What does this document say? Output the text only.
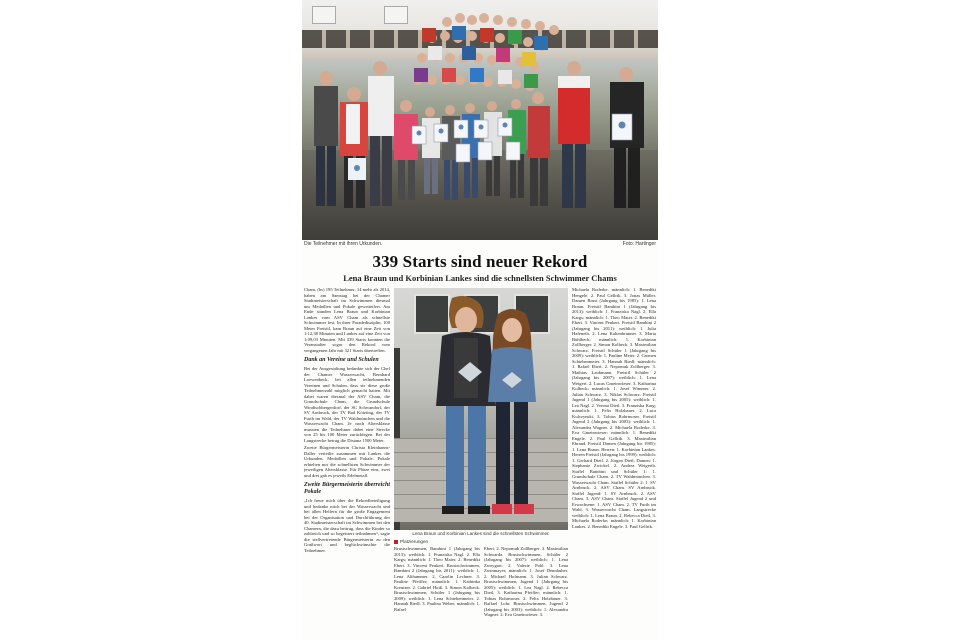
Die Teilnehmer mit ihren Urkunden.	Foto: Hartinger
339 Starts sind neuer Rekord
Lena Braun und Korbinian Lankes sind die schnellsten Schwimmer Chams

Cham. (bs) 195 Teilnehmer, 14 mehr als 2014, haben am Samstag bei der Chamer Stadtmeisterschaft im Schwimmen diesmal um Medaillen und Pokale gewetteifert. Am Ende standen Lena Braun und Korbinian Lankes vom ASV Cham als schnellste Schwimmer fest. In ihrer Paradedisziplin, 100 Meter Freistil, kam Braun auf eine Zeit von 1:12,38 Minuten und Lankes auf eine Zeit von 1:09,03 Minuten. Mit 339 Starts konnten die Veranstalter sogar den Rekord vom vergangenen Jahr mit 321 Starts übertreffen.

Dank an Vereine und Schulen

Bei der Ausgestaltung bedankte sich der Chef der Chamer Wasserwacht, Bernhard Loewenbeck, bei allen teilnehmenden Vereinen und Schulen, dass sie diese große Teilnehmerzahl möglich gemacht hatten. Mit dabei waren diesmal der ASV Cham, die Grundschule Cham, die Grundschule Windischbergerdorf, der SC Schwandorf, der SV Arnbruck, der TV Bad Kötzting, der TV Furth im Wald, der TV Waldmünchen und die Wasserwacht Cham. Je nach Altersklasse mussten die Teilnehmer dabei eine Strecke von 25 bis 100 Meter zurücklegen. Bei der Langstrecke betrug die Distanz 1500 Meter.

Zweite Bürgermeisterin Christa Kleinhanns-Daller verteilte zusammen mit Lankes die Urkunden, Medaillen und Pokale. Pokale erhielten nur die schnellsten Schwimmer der jeweiligen Altersklasse. Für Plätze eins, zwei und drei gab es jeweils Edelmetall.

Zweite Bürgermeisterin überreicht Pokale

„Ich freue mich über die Rekordbeteiligung und bedanke mich bei der Wasserwacht und bei allen Helfern für die große Engagement bei der Organisation und Durchführung der 40. Stadtmeisterschaft im Schwimmen bei den Chamern, die dazu beitrug, dass die Kinder so zahlreich und so begeistert teilnahmen“, sagte die stellvertretende Bürgermeisterin zu den Grußwort und beglückwünschte die Teilnehmer.

Lena Braun und Korbinian Lankes sind die schnellsten Schwimmer.
Platzierungen

Brustschwimmen, Bambini 1 (Jahrgang bis 2013): weiblich: 1. Pranziska Nagl. 2. Ella Kargs; männlich: 1. Theo Maier. 2. Benedikt Ebert. 3. Vincent Peukert. Brustschwimmen, Bambini 2 (Jahrgang bis 2011): weiblich: 1. Lena Althammer. 2. Carolin Lechner. 3. Pauline Pfeiffer; männlich: 1. Kathinka Kreutzer. 2. Gabriel Hoiß. 3. Simon Kolbeck. Brustschwimmen, Schüler 1 (Jahrgang bis 2009): weiblich: 1. Lena Schiebenmeier. 2. Hannah Riedl. 3. Paulina Weber; männlich: 1. Rafael

Ebert. 2. Nepomuk Zollberger. 3. Maximilian Schwarda. Brustschwimmen, Schüler 2 (Jahrgang bis 2007): weiblich: 1. Lena Zweygart. 2. Valerie Pohl. 3. Lena Zwinmayer; männlich: 1. Josef Dennhuber. 2. Michael Hofmann. 3. Julian Schwarz. Brustschwimmen, Jugend 1 (Jahrgang bis 2005): weiblich: 1. Lea Nagl. 2. Rebecca Dietl. 3. Katharina Pfeiffer; männlich: 1. Tobias Rohrmoser. 2. Felix Holzbauer. 3. Raffael Lohr. Brustschwimmen, Jugend 2 (Jahrgang bis 2003): weiblich: 1. Alexandra Wagner. 2. Eva Gmeinwieser. 3.

Michaela Roderke. männlich: 1. Benedikt Hengele. 2. Paul Gellrik. 3. Jonas Müller. Damen Brust (Jahrgang bis 1985): 1. Lena Braun. Freistil Bambini 1 (Jahrgang bis 2013): weiblich: 1. Franziska Nagl. 2. Ella Kargs; männlich: 1. Theo Maier. 2. Benedikt Ebert. 3. Vincent Peukert. Freistil Bambini 2 (Jahrgang bis 2011): weiblich: 1. Julia Hafeneth. 2. Lena Kaltenbrunner. 3. Maria Bühlbeck; männlich: 1. Korbinian Zollberger. 2. Simon Kolbeck. 3. Maximilian Schwarz. Freistil Schüler 1 (Jahrgang bis 2009): weiblich: 1. Pauline Meier. 2. Carmen Schiebenmeier. 3. Hannah Riedl; männlich: 1. Rafael Ebert. 2. Nepomuk Zollberger. 3. Mathias Laubmann. Freistil Schüler 2 (Jahrgang bis 2007): weiblich: 1. Lena Weigert. 2. Lucas Gmeinwieser. 3. Katharina Kolbeck; männlich: 1. Josef Wimmer. 2. Julian Schwarz. 3. Niklas Schwarz. Freistil Jugend 1 (Jahrgang bis 2005): weiblich: 1. Lea Nagl. 2. Verena Dietl. 3. Franziska Karg; männlich: 1. Felix Holzbauer. 2. Luca Kulczynski. 3. Tobias Rohrmoser. Freistil Jugend 2 (Jahrgang bis 2003): weiblich: 1. Alexandra Wagner. 2. Michaela Roderke. 3. Eva Gmeinwieser; männlich: 1. Benedikt Engele. 2. Paul Gellrik. 3. Maximilian Ehrand. Freistil Damen (Jahrgang bis 1985): 1. Lena Braun. Herren: 1. Korbinian Lankes. Herren Freistil (Jahrgang bis 1999): weiblich: 1. Gerhard Dietl. 2. Jürgen Dietl; Damen: 1. Stephanie Zwickel. 2. Andrea Weigerth. Staffel Bambini und Schüler 1: 1. Grundschule Cham. 2. TV Waldmünchen. 3. Wasserwacht Cham. Staffel Schüler 2: 1. SV Arnbruck. 2. ASV Cham. SV Arnbruck. Staffel Jugend: 1. SV Arnbruck. 2. ASV Cham. 3. ASV Cham. Staffel Jugend 2 und Erwachsene: 1. ASV Cham. 2. TV Furth im Wald. 3. Wasserwacht Cham. Langstrecke weiblich: 1. Lena Braun. 2. Rebecca Dietl. 3. Michaela Roderke; männlich: 1. Korbinian Lankes. 2. Benedikt Engele. 3. Paul Gellrik.
